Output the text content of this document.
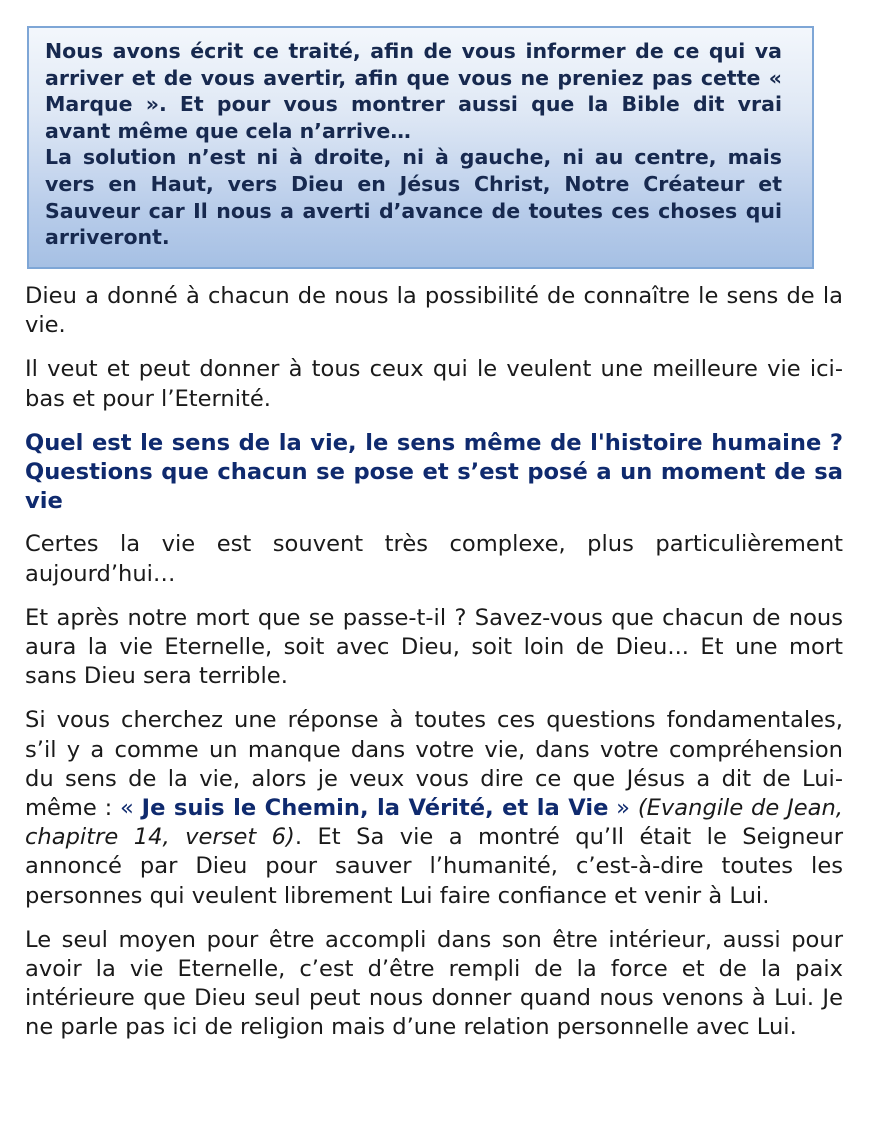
Nous avons écrit ce traité, afin de vous informer de ce qui va arriver et de vous avertir, afin que vous ne preniez pas cette « Marque ». Et pour vous montrer aussi que la Bible dit vrai avant même que cela n’arrive…

La solution n’est ni à droite, ni à gauche, ni au centre, mais vers en Haut, vers Dieu en Jésus Christ, Notre Créateur et Sauveur car Il nous a averti d’avance de toutes ces choses qui arriveront.

Dieu a donné à chacun de nous la possibilité de connaître le sens de la vie.

Il veut et peut donner à tous ceux qui le veulent une meilleure vie ici-bas et pour l’Eternité.

Quel est le sens de la vie, le sens même de l'histoire humaine ? Questions que chacun se pose et s’est posé a un moment de sa vie

Certes la vie est souvent très complexe, plus particulièrement aujourd’hui…

Et après notre mort que se passe-t-il ? Savez-vous que chacun de nous aura la vie Eternelle, soit avec Dieu, soit loin de Dieu... Et une mort sans Dieu sera terrible.

Si vous cherchez une réponse à toutes ces questions fondamentales, s’il y a comme un manque dans votre vie, dans votre compréhension du sens de la vie, alors je veux vous dire ce que Jésus a dit de Lui-même : « Je suis le Chemin, la Vérité, et la Vie » (Evangile de Jean, chapitre 14, verset 6). Et Sa vie a montré qu’Il était le Seigneur annoncé par Dieu pour sauver l’humanité, c’est-à-dire toutes les personnes qui veulent librement Lui faire confiance et venir à Lui.

Le seul moyen pour être accompli dans son être intérieur, aussi pour avoir la vie Eternelle, c’est d’être rempli de la force et de la paix intérieure que Dieu seul peut nous donner quand nous venons à Lui. Je ne parle pas ici de religion mais d’une relation personnelle avec Lui.
